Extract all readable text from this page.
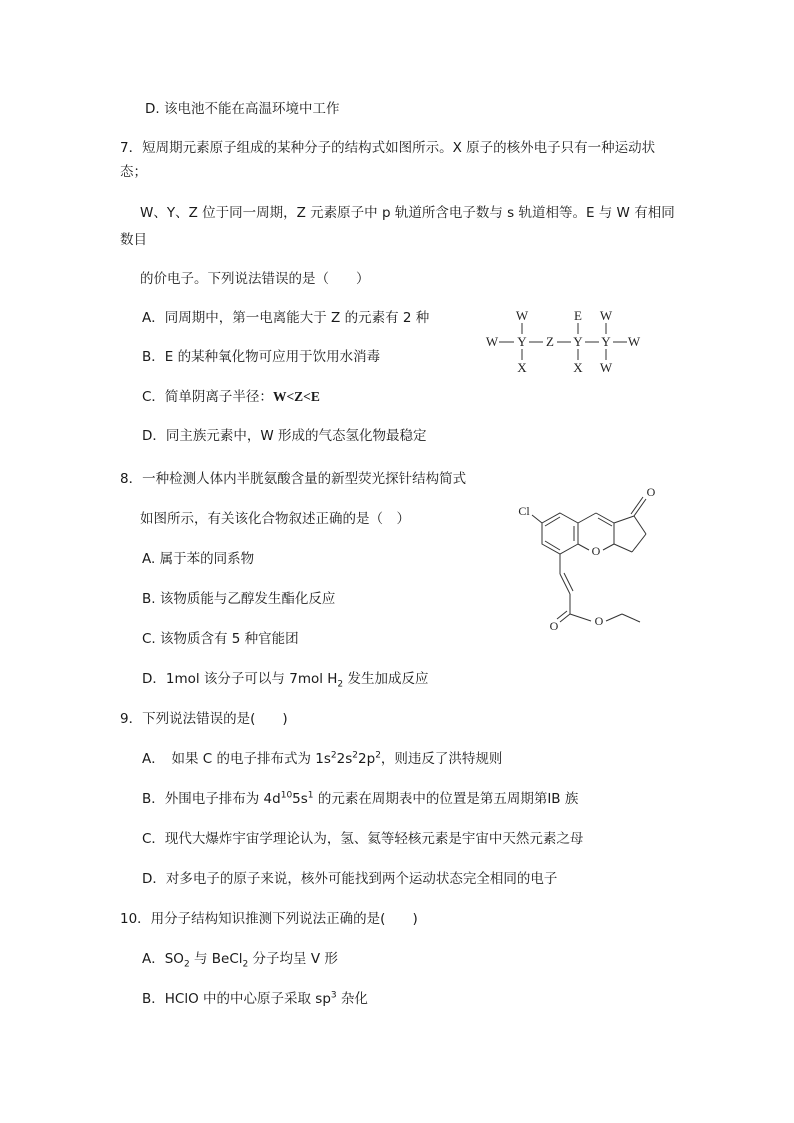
D. 该电池不能在高温环境中工作
7．短周期元素原子组成的某种分子的结构式如图所示。X 原子的核外电子只有一种运动状
态；
W、Y、Z 位于同一周期，Z 元素原子中 p 轨道所含电子数与 s 轨道相等。E 与 W 有相同
数目
的价电子。下列说法错误的是（　　）
A．同周期中，第一电离能大于 Z 的元素有 2 种
B．E 的某种氧化物可应用于饮用水消毒
C．简单阴离子半径：W<Z<E
D．同主族元素中，W 形成的气态氢化物最稳定
W
W Y Z Y Y W
X
E
X
W
W
8．一种检测人体内半胱氨酸含量的新型荧光探针结构简式
如图所示，有关该化合物叙述正确的是（　）
A. 属于苯的同系物
B. 该物质能与乙醇发生酯化反应
C. 该物质含有 5 种官能团
D．1mol 该分子可以与 7mol $H_2$ 发生加成反应
Cl
O
O
O	O
9．下列说法错误的是(　　)
A．　如果 C 的电子排布式为 $1s^22s^22p^2$，则违反了洪特规则
B．外围电子排布为 $4d^{10}5s^1$ 的元素在周期表中的位置是第五周期第ⅠB 族
C．现代大爆炸宇宙学理论认为，氢、氦等轻核元素是宇宙中天然元素之母
D．对多电子的原子来说，核外可能找到两个运动状态完全相同的电子
10．用分子结构知识推测下列说法正确的是(　　)
A．$SO_2$ 与 BeCl$_2$ 分子均呈 V 形
B．HClO 中的中心原子采取 $sp^3$ 杂化
